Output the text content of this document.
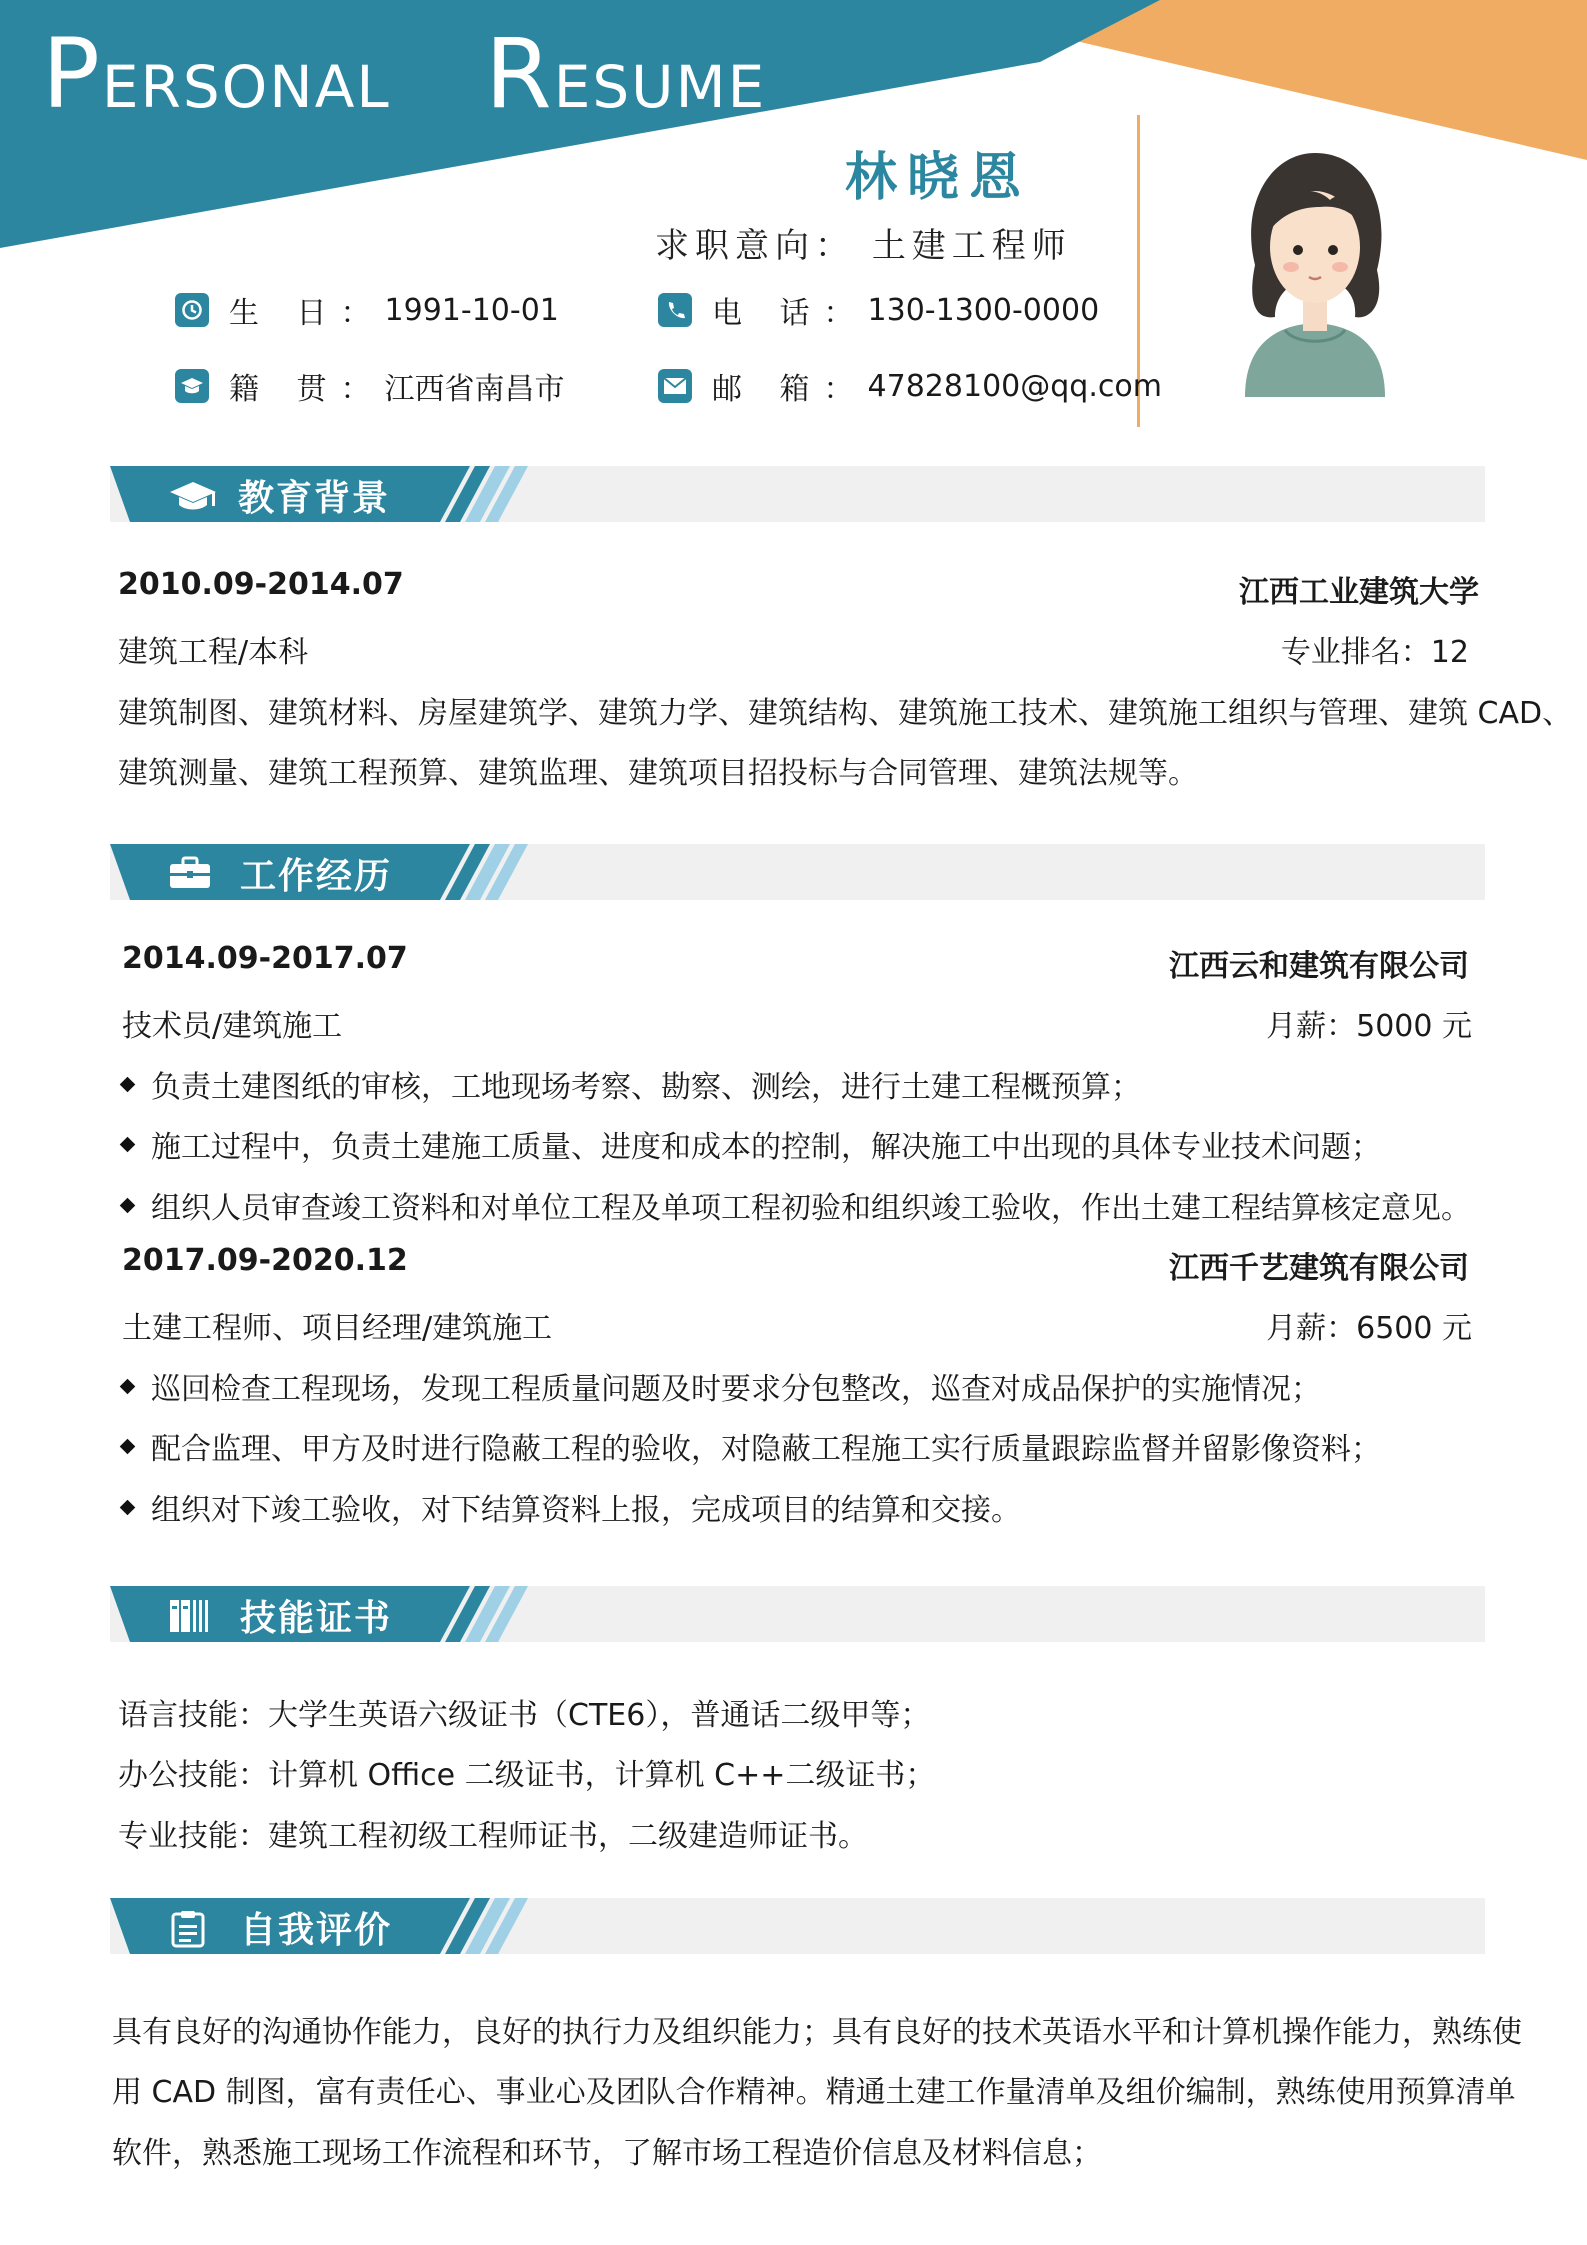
PERSONAL RESUME
林晓恩
求职意向： 土建工程师
生 日： 1991-10-01	电 话： 130-1300-0000
籍 贯： 江西省南昌市	邮 箱： 47828100@qq.com
教育背景
2010.09-2014.07	江西工业建筑大学
建筑工程/本科	专业排名：12
建筑制图、建筑材料、房屋建筑学、建筑力学、建筑结构、建筑施工技术、建筑施工组织与管理、建筑 CAD、
建筑测量、建筑工程预算、建筑监理、建筑项目招投标与合同管理、建筑法规等。
工作经历
2014.09-2017.07	江西云和建筑有限公司
技术员/建筑施工	月薪：5000 元
负责土建图纸的审核，工地现场考察、勘察、测绘，进行土建工程概预算；
施工过程中，负责土建施工质量、进度和成本的控制，解决施工中出现的具体专业技术问题；
组织人员审查竣工资料和对单位工程及单项工程初验和组织竣工验收，作出土建工程结算核定意见。
2017.09-2020.12	江西千艺建筑有限公司
土建工程师、项目经理/建筑施工	月薪：6500 元
巡回检查工程现场，发现工程质量问题及时要求分包整改，巡查对成品保护的实施情况；
配合监理、甲方及时进行隐蔽工程的验收，对隐蔽工程施工实行质量跟踪监督并留影像资料；
组织对下竣工验收，对下结算资料上报，完成项目的结算和交接。
技能证书
语言技能：大学生英语六级证书（CTE6），普通话二级甲等；
办公技能：计算机 Office 二级证书，计算机 C++二级证书；
专业技能：建筑工程初级工程师证书，二级建造师证书。
自我评价
具有良好的沟通协作能力，良好的执行力及组织能力；具有良好的技术英语水平和计算机操作能力，熟练使
用 CAD 制图，富有责任心、事业心及团队合作精神。精通土建工作量清单及组价编制，熟练使用预算清单
软件，熟悉施工现场工作流程和环节，了解市场工程造价信息及材料信息；
